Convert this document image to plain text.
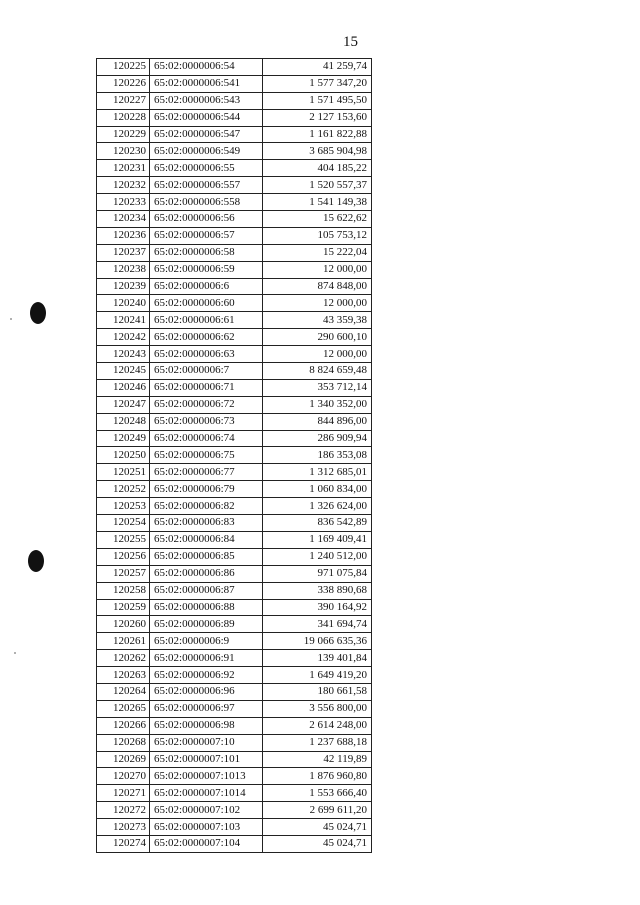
15
120225	65:02:0000006:54	41 259,74
120226	65:02:0000006:541	1 577 347,20
120227	65:02:0000006:543	1 571 495,50
120228	65:02:0000006:544	2 127 153,60
120229	65:02:0000006:547	1 161 822,88
120230	65:02:0000006:549	3 685 904,98
120231	65:02:0000006:55	404 185,22
120232	65:02:0000006:557	1 520 557,37
120233	65:02:0000006:558	1 541 149,38
120234	65:02:0000006:56	15 622,62
120236	65:02:0000006:57	105 753,12
120237	65:02:0000006:58	15 222,04
120238	65:02:0000006:59	12 000,00
120239	65:02:0000006:6	874 848,00
120240	65:02:0000006:60	12 000,00
120241	65:02:0000006:61	43 359,38
120242	65:02:0000006:62	290 600,10
120243	65:02:0000006:63	12 000,00
120245	65:02:0000006:7	8 824 659,48
120246	65:02:0000006:71	353 712,14
120247	65:02:0000006:72	1 340 352,00
120248	65:02:0000006:73	844 896,00
120249	65:02:0000006:74	286 909,94
120250	65:02:0000006:75	186 353,08
120251	65:02:0000006:77	1 312 685,01
120252	65:02:0000006:79	1 060 834,00
120253	65:02:0000006:82	1 326 624,00
120254	65:02:0000006:83	836 542,89
120255	65:02:0000006:84	1 169 409,41
120256	65:02:0000006:85	1 240 512,00
120257	65:02:0000006:86	971 075,84
120258	65:02:0000006:87	338 890,68
120259	65:02:0000006:88	390 164,92
120260	65:02:0000006:89	341 694,74
120261	65:02:0000006:9	19 066 635,36
120262	65:02:0000006:91	139 401,84
120263	65:02:0000006:92	1 649 419,20
120264	65:02:0000006:96	180 661,58
120265	65:02:0000006:97	3 556 800,00
120266	65:02:0000006:98	2 614 248,00
120268	65:02:0000007:10	1 237 688,18
120269	65:02:0000007:101	42 119,89
120270	65:02:0000007:1013	1 876 960,80
120271	65:02:0000007:1014	1 553 666,40
120272	65:02:0000007:102	2 699 611,20
120273	65:02:0000007:103	45 024,71
120274	65:02:0000007:104	45 024,71
